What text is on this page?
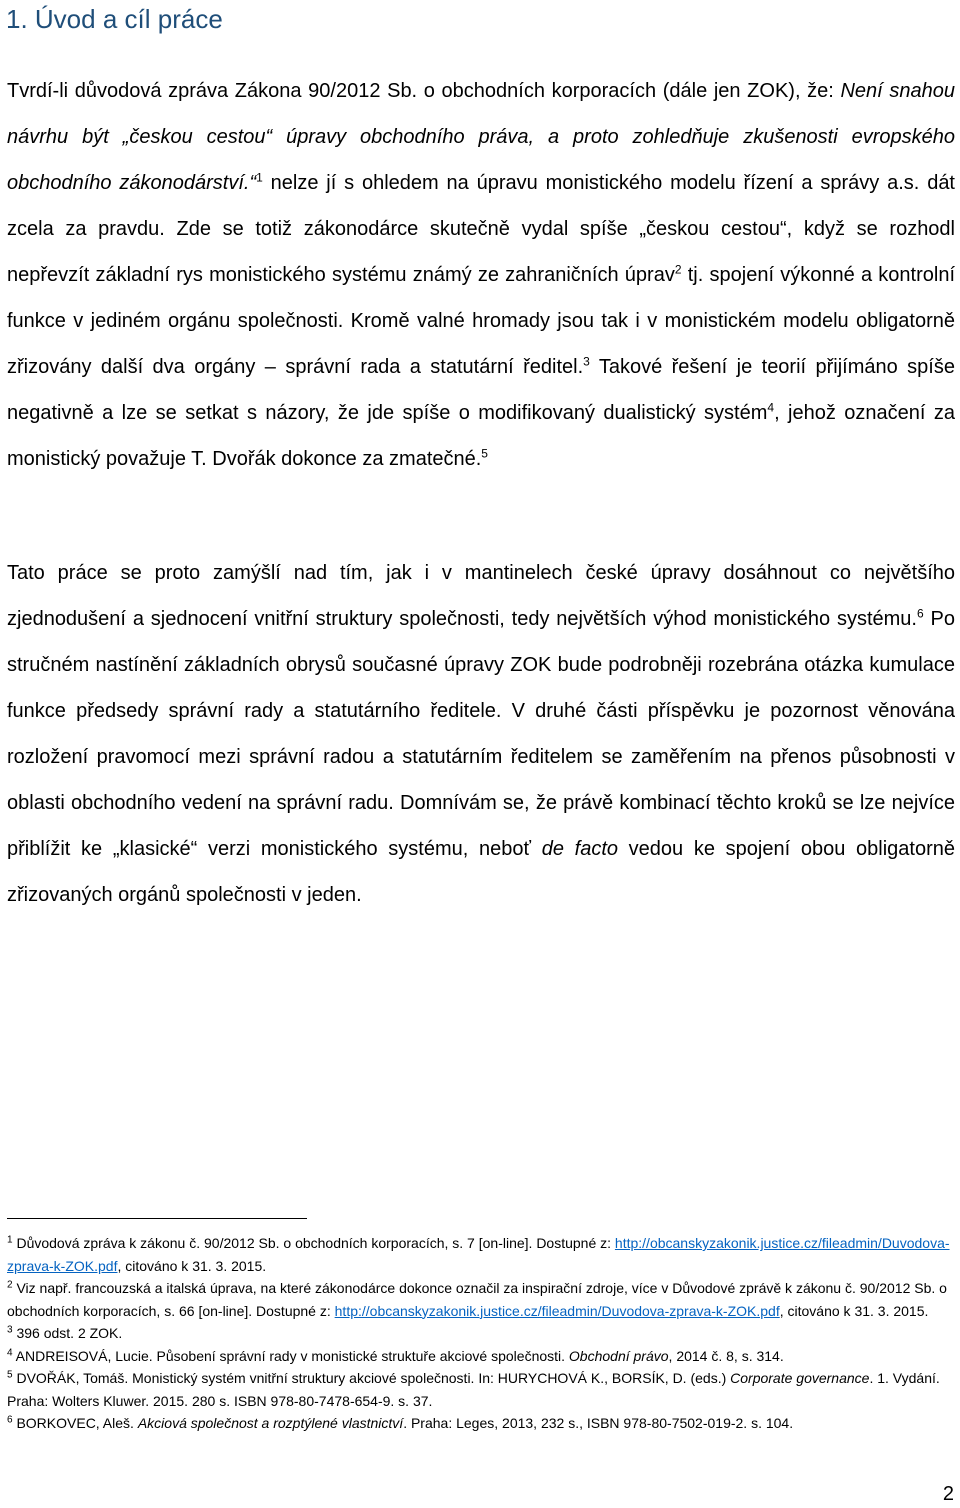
1. Úvod a cíl práce

Tvrdí-li důvodová zpráva Zákona 90/2012 Sb. o obchodních korporacích (dále jen ZOK), že: Není snahou návrhu být „českou cestou“ úpravy obchodního práva, a proto zohledňuje zkušenosti evropského obchodního zákonodárství.“$^1$ nelze jí s ohledem na úpravu monistického modelu řízení a správy a.s. dát zcela za pravdu. Zde se totiž zákonodárce skutečně vydal spíše „českou cestou“, když se rozhodl nepřevzít základní rys monistického systému známý ze zahraničních úprav$^2$ tj. spojení výkonné a kontrolní funkce v jediném orgánu společnosti. Kromě valné hromady jsou tak i v monistickém modelu obligatorně zřizovány další dva orgány – správní rada a statutární ředitel.$^3$ Takové řešení je teorií přijímáno spíše negativně a lze se setkat s názory, že jde spíše o modifikovaný dualistický systém$^4$, jehož označení za monistický považuje T. Dvořák dokonce za zmatečné.$^5$

Tato práce se proto zamýšlí nad tím, jak i v mantinelech české úpravy dosáhnout co největšího zjednodušení a sjednocení vnitřní struktury společnosti, tedy největších výhod monistického systému.$^6$ Po stručném nastínění základních obrysů současné úpravy ZOK bude podrobněji rozebrána otázka kumulace funkce předsedy správní rady a statutárního ředitele. V druhé části příspěvku je pozornost věnována rozložení pravomocí mezi správní radou a statutárním ředitelem se zaměřením na přenos působnosti v oblasti obchodního vedení na správní radu. Domnívám se, že právě kombinací těchto kroků se lze nejvíce přiblížit ke „klasické“ verzi monistického systému, neboť de facto vedou ke spojení obou obligatorně zřizovaných orgánů společnosti v jeden.

$^1$ Důvodová zpráva k zákonu č. 90/2012 Sb. o obchodních korporacích, s. 7 [on-line]. Dostupné z: http://obcanskyzakonik.justice.cz/fileadmin/Duvodova-zprava-k-ZOK.pdf, citováno k 31. 3. 2015.

$^2$ Viz např. francouzská a italská úprava, na které zákonodárce dokonce označil za inspirační zdroje, více v Důvodové zprávě k zákonu č. 90/2012 Sb. o obchodních korporacích, s. 66 [on-line]. Dostupné z: http://obcanskyzakonik.justice.cz/fileadmin/Duvodova-zprava-k-ZOK.pdf, citováno k 31. 3. 2015.

$^3$ 396 odst. 2 ZOK.

$^4$ ANDREISOVÁ, Lucie. Působení správní rady v monistické struktuře akciové společnosti. Obchodní právo, 2014 č. 8, s. 314.

$^5$ DVOŘÁK, Tomáš. Monistický systém vnitřní struktury akciové společnosti. In: HURYCHOVÁ K., BORSÍK, D. (eds.) Corporate governance. 1. Vydání. Praha: Wolters Kluwer. 2015. 280 s. ISBN 978-80-7478-654-9. s. 37.

$^6$ BORKOVEC, Aleš. Akciová společnost a rozptýlené vlastnictví. Praha: Leges, 2013, 232 s., ISBN 978-80-7502-019-2. s. 104.

2
